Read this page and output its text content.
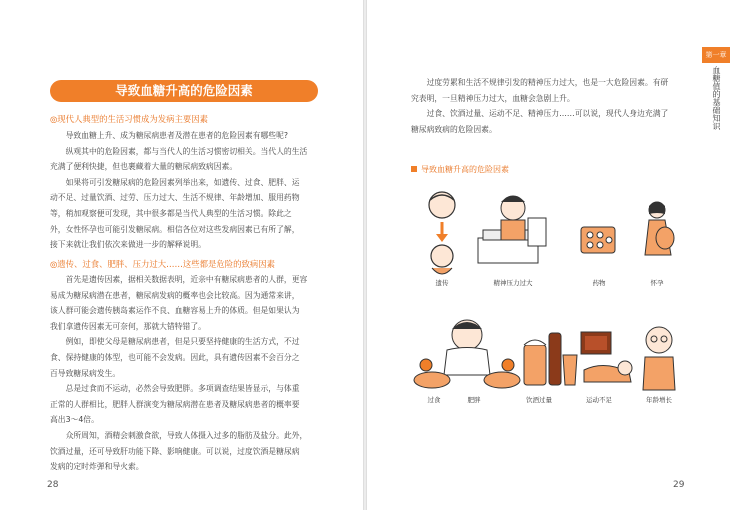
导致血糖升高的危险因素
◎现代人典型的生活习惯成为发病主要因素

　　导致血糖上升、成为糖尿病患者及潜在患者的危险因素有哪些呢?
　　纵观其中的危险因素，都与当代人的生活习惯密切相关。当代人的生活
充满了便利快捷，但也裹藏着大量的糖尿病致病因素。
　　如果将可引发糖尿病的危险因素列举出来，如遗传、过食、肥胖、运
动不足、过量饮酒、过劳、压力过大、生活不规律、年龄增加、服用药物
等，稍加观察便可发现，其中很多都是当代人典型的生活习惯。除此之
外，女性怀孕也可能引发糖尿病。相信各位对这些发病因素已有所了解，
接下来就让我们依次来做进一步的解释说明。

◎遗传、过食、肥胖、压力过大……这些都是危险的致病因素

　　首先是遗传因素，据相关数据表明，近亲中有糖尿病患者的人群，更容
易成为糖尿病潜在患者，糖尿病发病的概率也会比较高。因为通常来讲，
该人群可能会遗传胰岛素运作不良、血糖容易上升的体质。但是如果认为
我们拿遗传因素无可奈何，那就大错特错了。
　　例如，即使父母是糖尿病患者，但是只要坚持健康的生活方式，不过
食、保持健康的体型，也可能不会发病。因此，具有遗传因素不会百分之
百导致糖尿病发生。
　　总是过食而不运动，必然会导致肥胖。多项调查结果皆显示，与体重
正常的人群相比，肥胖人群演变为糖尿病潜在患者及糖尿病患者的概率要
高出3～4倍。
　　众所周知，酒精会刺激食欲，导致人体摄入过多的脂肪及盐分。此外，
饮酒过量，还可导致肝功能下降、影响健康。可以说，过度饮酒是糖尿病
发病的定时炸弹和导火索。

28

　　过度劳累和生活不规律引发的精神压力过大，也是一大危险因素。有研
究表明，一旦精神压力过大，血糖会急剧上升。
　　过食、饮酒过量、运动不足、精神压力……可以说，现代人身边充满了
糖尿病致病的危险因素。

第一章
血糖值的基础知识
导致血糖升高的危险因素
遗传	精神压力过大	药物	怀孕
过食	肥胖	饮酒过量	运动不足	年龄增长
29
